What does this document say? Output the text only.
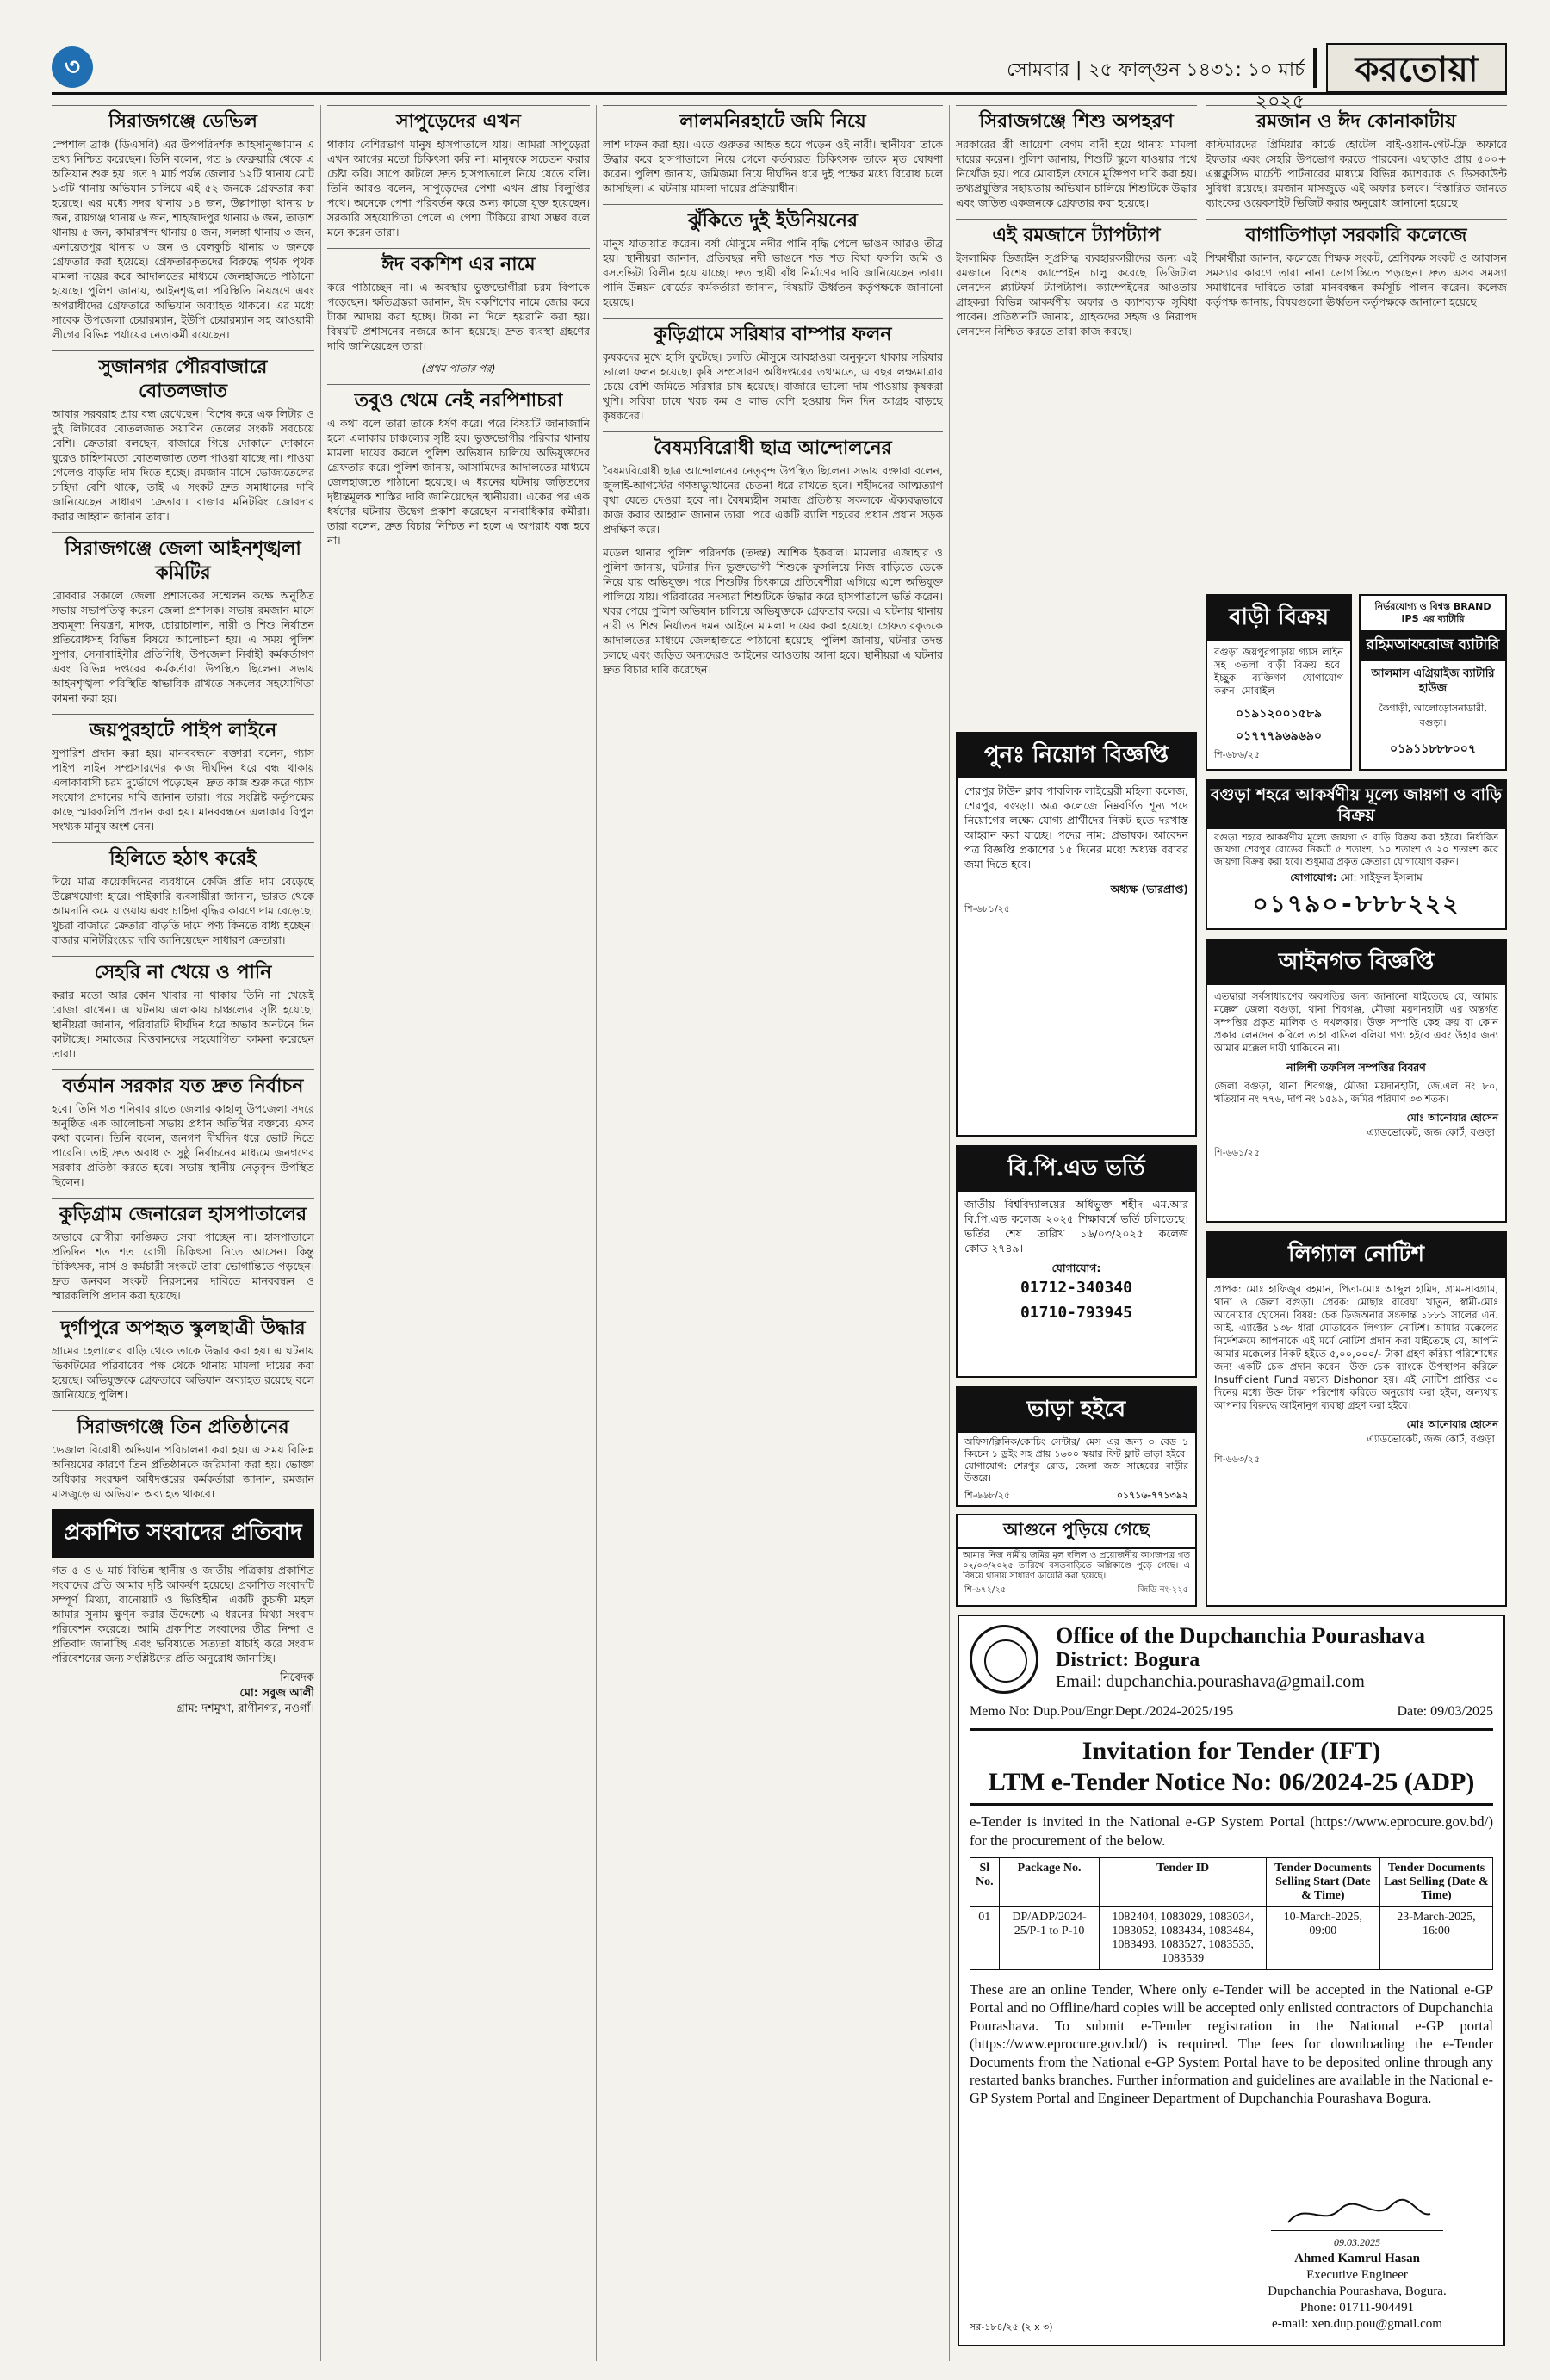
৩	সোমবার | ২৫ ফাল্গুন ১৪৩১: ১০ মার্চ ২০২৫
করতোয়া
সিরাজগঞ্জে ডেভিল
স্পেশাল ব্রাঞ্চ (ডিএসবি) এর উপপরিদর্শক আহসানুজ্জামান এ তথ্য নিশ্চিত করেছেন। তিনি বলেন, গত ৯ ফেব্রুয়ারি থেকে এ অভিযান শুরু হয়। গত ৭ মার্চ পর্যন্ত জেলার ১২টি থানায় মোট ১৩টি থানায় অভিযান চালিয়ে এই ৫২ জনকে গ্রেফতার করা হয়েছে। এর মধ্যে সদর থানায় ১৪ জন, উল্লাপাড়া থানায় ৮ জন, রায়গঞ্জ থানায় ৬ জন, শাহজাদপুর থানায় ৬ জন, তাড়াশ থানায় ৫ জন, কামারখন্দ থানায় ৪ জন, সলঙ্গা থানায় ৩ জন, এনায়েতপুর থানায় ৩ জন ও বেলকুচি থানায় ৩ জনকে গ্রেফতার করা হয়েছে। গ্রেফতারকৃতদের বিরুদ্ধে পৃথক পৃথক মামলা দায়ের করে আদালতের মাধ্যমে জেলহাজতে পাঠানো হয়েছে। পুলিশ জানায়, আইনশৃঙ্খলা পরিস্থিতি নিয়ন্ত্রণে এবং অপরাধীদের গ্রেফতারে অভিযান অব্যাহত থাকবে। এর মধ্যে সাবেক উপজেলা চেয়ারম্যান, ইউপি চেয়ারম্যান সহ আওয়ামী লীগের বিভিন্ন পর্যায়ের নেতাকর্মী রয়েছেন।
সুজানগর পৌরবাজারে বোতলজাত
আবার সরবরাহ প্রায় বন্ধ রেখেছেন। বিশেষ করে এক লিটার ও দুই লিটারের বোতলজাত সয়াবিন তেলের সংকট সবচেয়ে বেশি। ক্রেতারা বলছেন, বাজারে গিয়ে দোকানে দোকানে ঘুরেও চাহিদামতো বোতলজাত তেল পাওয়া যাচ্ছে না। পাওয়া গেলেও বাড়তি দাম দিতে হচ্ছে। রমজান মাসে ভোজ্যতেলের চাহিদা বেশি থাকে, তাই এ সংকট দ্রুত সমাধানের দাবি জানিয়েছেন সাধারণ ক্রেতারা। বাজার মনিটরিং জোরদার করার আহ্বান জানান তারা।
সিরাজগঞ্জে জেলা আইনশৃঙ্খলা কমিটির
রোববার সকালে জেলা প্রশাসকের সম্মেলন কক্ষে অনুষ্ঠিত সভায় সভাপতিত্ব করেন জেলা প্রশাসক। সভায় রমজান মাসে দ্রব্যমূল্য নিয়ন্ত্রণ, মাদক, চোরাচালান, নারী ও শিশু নির্যাতন প্রতিরোধসহ বিভিন্ন বিষয়ে আলোচনা হয়। এ সময় পুলিশ সুপার, সেনাবাহিনীর প্রতিনিধি, উপজেলা নির্বাহী কর্মকর্তাগণ এবং বিভিন্ন দপ্তরের কর্মকর্তারা উপস্থিত ছিলেন। সভায় আইনশৃঙ্খলা পরিস্থিতি স্বাভাবিক রাখতে সকলের সহযোগিতা কামনা করা হয়।
জয়পুরহাটে পাইপ লাইনে
সুপারিশ প্রদান করা হয়। মানববন্ধনে বক্তারা বলেন, গ্যাস পাইপ লাইন সম্প্রসারণের কাজ দীর্ঘদিন ধরে বন্ধ থাকায় এলাকাবাসী চরম দুর্ভোগে পড়েছেন। দ্রুত কাজ শুরু করে গ্যাস সংযোগ প্রদানের দাবি জানান তারা। পরে সংশ্লিষ্ট কর্তৃপক্ষের কাছে স্মারকলিপি প্রদান করা হয়। মানববন্ধনে এলাকার বিপুল সংখ্যক মানুষ অংশ নেন।
হিলিতে হঠাৎ করেই
দিয়ে মাত্র কয়েকদিনের ব্যবধানে কেজি প্রতি দাম বেড়েছে উল্লেখযোগ্য হারে। পাইকারি ব্যবসায়ীরা জানান, ভারত থেকে আমদানি কমে যাওয়ায় এবং চাহিদা বৃদ্ধির কারণে দাম বেড়েছে। খুচরা বাজারে ক্রেতারা বাড়তি দামে পণ্য কিনতে বাধ্য হচ্ছেন। বাজার মনিটরিংয়ের দাবি জানিয়েছেন সাধারণ ক্রেতারা।
সেহরি না খেয়ে ও পানি
করার মতো আর কোন খাবার না থাকায় তিনি না খেয়েই রোজা রাখেন। এ ঘটনায় এলাকায় চাঞ্চল্যের সৃষ্টি হয়েছে। স্থানীয়রা জানান, পরিবারটি দীর্ঘদিন ধরে অভাব অনটনে দিন কাটাচ্ছে। সমাজের বিত্তবানদের সহযোগিতা কামনা করেছেন তারা।
বর্তমান সরকার যত দ্রুত নির্বাচন
হবে। তিনি গত শনিবার রাতে জেলার কাহালু উপজেলা সদরে অনুষ্ঠিত এক আলোচনা সভায় প্রধান অতিথির বক্তব্যে এসব কথা বলেন। তিনি বলেন, জনগণ দীর্ঘদিন ধরে ভোট দিতে পারেনি। তাই দ্রুত অবাধ ও সুষ্ঠু নির্বাচনের মাধ্যমে জনগণের সরকার প্রতিষ্ঠা করতে হবে। সভায় স্থানীয় নেতৃবৃন্দ উপস্থিত ছিলেন।
কুড়িগ্রাম জেনারেল হাসপাতালের
অভাবে রোগীরা কাঙ্ক্ষিত সেবা পাচ্ছেন না। হাসপাতালে প্রতিদিন শত শত রোগী চিকিৎসা নিতে আসেন। কিন্তু চিকিৎসক, নার্স ও কর্মচারী সংকটে তারা ভোগান্তিতে পড়ছেন। দ্রুত জনবল সংকট নিরসনের দাবিতে মানববন্ধন ও স্মারকলিপি প্রদান করা হয়েছে।
দুর্গাপুরে অপহৃত স্কুলছাত্রী উদ্ধার
গ্রামের হেলালের বাড়ি থেকে তাকে উদ্ধার করা হয়। এ ঘটনায় ভিকটিমের পরিবারের পক্ষ থেকে থানায় মামলা দায়ের করা হয়েছে। অভিযুক্তকে গ্রেফতারে অভিযান অব্যাহত রয়েছে বলে জানিয়েছে পুলিশ।
সিরাজগঞ্জে তিন প্রতিষ্ঠানের
ভেজাল বিরোধী অভিযান পরিচালনা করা হয়। এ সময় বিভিন্ন অনিয়মের কারণে তিন প্রতিষ্ঠানকে জরিমানা করা হয়। ভোক্তা অধিকার সংরক্ষণ অধিদপ্তরের কর্মকর্তারা জানান, রমজান মাসজুড়ে এ অভিযান অব্যাহত থাকবে।
প্রকাশিত সংবাদের প্রতিবাদ
গত ৫ ও ৬ মার্চ বিভিন্ন স্থানীয় ও জাতীয় পত্রিকায় প্রকাশিত সংবাদের প্রতি আমার দৃষ্টি আকর্ষণ হয়েছে। প্রকাশিত সংবাদটি সম্পূর্ণ মিথ্যা, বানোয়াট ও ভিত্তিহীন। একটি কুচক্রী মহল আমার সুনাম ক্ষুণ্ন করার উদ্দেশ্যে এ ধরনের মিথ্যা সংবাদ পরিবেশন করেছে। আমি প্রকাশিত সংবাদের তীব্র নিন্দা ও প্রতিবাদ জানাচ্ছি এবং ভবিষ্যতে সত্যতা যাচাই করে সংবাদ পরিবেশনের জন্য সংশ্লিষ্টদের প্রতি অনুরোধ জানাচ্ছি।
নিবেদক
মো: সবুজ আলী
গ্রাম: দশমুখা, রাণীনগর, নওগাঁ।
সাপুড়েদের এখন
থাকায় বেশিরভাগ মানুষ হাসপাতালে যায়। আমরা সাপুড়েরা এখন আগের মতো চিকিৎসা করি না। মানুষকে সচেতন করার চেষ্টা করি। সাপে কাটলে দ্রুত হাসপাতালে নিয়ে যেতে বলি। তিনি আরও বলেন, সাপুড়েদের পেশা এখন প্রায় বিলুপ্তির পথে। অনেকে পেশা পরিবর্তন করে অন্য কাজে যুক্ত হয়েছেন। সরকারি সহযোগিতা পেলে এ পেশা টিকিয়ে রাখা সম্ভব বলে মনে করেন তারা।
ঈদ বকশিশ এর নামে
করে পাঠাচ্ছেন না। এ অবস্থায় ভুক্তভোগীরা চরম বিপাকে পড়েছেন। ক্ষতিগ্রস্তরা জানান, ঈদ বকশিশের নামে জোর করে টাকা আদায় করা হচ্ছে। টাকা না দিলে হয়রানি করা হয়। বিষয়টি প্রশাসনের নজরে আনা হয়েছে। দ্রুত ব্যবস্থা গ্রহণের দাবি জানিয়েছেন তারা।
(প্রথম পাতার পর)
তবুও থেমে নেই নরপিশাচরা
এ কথা বলে তারা তাকে ধর্ষণ করে। পরে বিষয়টি জানাজানি হলে এলাকায় চাঞ্চল্যের সৃষ্টি হয়। ভুক্তভোগীর পরিবার থানায় মামলা দায়ের করলে পুলিশ অভিযান চালিয়ে অভিযুক্তদের গ্রেফতার করে। পুলিশ জানায়, আসামিদের আদালতের মাধ্যমে জেলহাজতে পাঠানো হয়েছে। এ ধরনের ঘটনায় জড়িতদের দৃষ্টান্তমূলক শাস্তির দাবি জানিয়েছেন স্থানীয়রা। একের পর এক ধর্ষণের ঘটনায় উদ্বেগ প্রকাশ করেছেন মানবাধিকার কর্মীরা। তারা বলেন, দ্রুত বিচার নিশ্চিত না হলে এ অপরাধ বন্ধ হবে না।
লালমনিরহাটে জমি নিয়ে
লাশ দাফন করা হয়। এতে গুরুতর আহত হয়ে পড়েন ওই নারী। স্থানীয়রা তাকে উদ্ধার করে হাসপাতালে নিয়ে গেলে কর্তব্যরত চিকিৎসক তাকে মৃত ঘোষণা করেন। পুলিশ জানায়, জমিজমা নিয়ে দীর্ঘদিন ধরে দুই পক্ষের মধ্যে বিরোধ চলে আসছিল। এ ঘটনায় মামলা দায়ের প্রক্রিয়াধীন।
ঝুঁকিতে দুই ইউনিয়নের
মানুষ যাতায়াত করেন। বর্ষা মৌসুমে নদীর পানি বৃদ্ধি পেলে ভাঙন আরও তীব্র হয়। স্থানীয়রা জানান, প্রতিবছর নদী ভাঙনে শত শত বিঘা ফসলি জমি ও বসতভিটা বিলীন হয়ে যাচ্ছে। দ্রুত স্থায়ী বাঁধ নির্মাণের দাবি জানিয়েছেন তারা। পানি উন্নয়ন বোর্ডের কর্মকর্তারা জানান, বিষয়টি ঊর্ধ্বতন কর্তৃপক্ষকে জানানো হয়েছে।
কুড়িগ্রামে সরিষার বাম্পার ফলন
কৃষকদের মুখে হাসি ফুটেছে। চলতি মৌসুমে আবহাওয়া অনুকূলে থাকায় সরিষার ভালো ফলন হয়েছে। কৃষি সম্প্রসারণ অধিদপ্তরের তথ্যমতে, এ বছর লক্ষ্যমাত্রার চেয়ে বেশি জমিতে সরিষার চাষ হয়েছে। বাজারে ভালো দাম পাওয়ায় কৃষকরা খুশি। সরিষা চাষে খরচ কম ও লাভ বেশি হওয়ায় দিন দিন আগ্রহ বাড়ছে কৃষকদের।
বৈষম্যবিরোধী ছাত্র আন্দোলনের
বৈষম্যবিরোধী ছাত্র আন্দোলনের নেতৃবৃন্দ উপস্থিত ছিলেন। সভায় বক্তারা বলেন, জুলাই-আগস্টের গণঅভ্যুত্থানের চেতনা ধরে রাখতে হবে। শহীদদের আত্মত্যাগ বৃথা যেতে দেওয়া হবে না। বৈষম্যহীন সমাজ প্রতিষ্ঠায় সকলকে ঐক্যবদ্ধভাবে কাজ করার আহ্বান জানান তারা। পরে একটি র‍্যালি শহরের প্রধান প্রধান সড়ক প্রদক্ষিণ করে।
মডেল থানার পুলিশ পরিদর্শক (তদন্ত) আশিক ইকবাল। মামলার এজাহার ও পুলিশ জানায়, ঘটনার দিন ভুক্তভোগী শিশুকে ফুসলিয়ে নিজ বাড়িতে ডেকে নিয়ে যায় অভিযুক্ত। পরে শিশুটির চিৎকারে প্রতিবেশীরা এগিয়ে এলে অভিযুক্ত পালিয়ে যায়। পরিবারের সদস্যরা শিশুটিকে উদ্ধার করে হাসপাতালে ভর্তি করেন। খবর পেয়ে পুলিশ অভিযান চালিয়ে অভিযুক্তকে গ্রেফতার করে। এ ঘটনায় থানায় নারী ও শিশু নির্যাতন দমন আইনে মামলা দায়ের করা হয়েছে। গ্রেফতারকৃতকে আদালতের মাধ্যমে জেলহাজতে পাঠানো হয়েছে। পুলিশ জানায়, ঘটনার তদন্ত চলছে এবং জড়িত অন্যদেরও আইনের আওতায় আনা হবে। স্থানীয়রা এ ঘটনার দ্রুত বিচার দাবি করেছেন।
সিরাজগঞ্জে শিশু অপহরণ
সরকারের স্ত্রী আয়েশা বেগম বাদী হয়ে থানায় মামলা দায়ের করেন। পুলিশ জানায়, শিশুটি স্কুলে যাওয়ার পথে নিখোঁজ হয়। পরে মোবাইল ফোনে মুক্তিপণ দাবি করা হয়। তথ্যপ্রযুক্তির সহায়তায় অভিযান চালিয়ে শিশুটিকে উদ্ধার এবং জড়িত একজনকে গ্রেফতার করা হয়েছে।
এই রমজানে ট্যাপট্যাপ
ইসলামিক ডিজাইন সুপ্রসিদ্ধ ব্যবহারকারীদের জন্য এই রমজানে বিশেষ ক্যাম্পেইন চালু করেছে ডিজিটাল লেনদেন প্ল্যাটফর্ম ট্যাপট্যাপ। ক্যাম্পেইনের আওতায় গ্রাহকরা বিভিন্ন আকর্ষণীয় অফার ও ক্যাশব্যাক সুবিধা পাবেন। প্রতিষ্ঠানটি জানায়, গ্রাহকদের সহজ ও নিরাপদ লেনদেন নিশ্চিত করতে তারা কাজ করছে।
রমজান ও ঈদ কোনাকাটায়
কাস্টমারদের প্রিমিয়ার কার্ডে হোটেল বাই-ওয়ান-গেট-ফ্রি অফারে ইফতার এবং সেহরি উপভোগ করতে পারবেন। এছাড়াও প্রায় ৫০০+ এক্সক্লুসিভ মার্চেন্ট পার্টনারের মাধ্যমে বিভিন্ন ক্যাশব্যাক ও ডিসকাউন্ট সুবিধা রয়েছে। রমজান মাসজুড়ে এই অফার চলবে। বিস্তারিত জানতে ব্যাংকের ওয়েবসাইট ভিজিট করার অনুরোধ জানানো হয়েছে।
বাগাতিপাড়া সরকারি কলেজে
শিক্ষার্থীরা জানান, কলেজে শিক্ষক সংকট, শ্রেণিকক্ষ সংকট ও আবাসন সমস্যার কারণে তারা নানা ভোগান্তিতে পড়ছেন। দ্রুত এসব সমস্যা সমাধানের দাবিতে তারা মানববন্ধন কর্মসূচি পালন করেন। কলেজ কর্তৃপক্ষ জানায়, বিষয়গুলো ঊর্ধ্বতন কর্তৃপক্ষকে জানানো হয়েছে।
পুনঃ নিয়োগ বিজ্ঞপ্তি
শেরপুর টাউন ক্লাব পাবলিক লাইব্রেরী মহিলা কলেজ, শেরপুর, বগুড়া। অত্র কলেজে নিম্নবর্ণিত শূন্য পদে নিয়োগের লক্ষ্যে যোগ্য প্রার্থীদের নিকট হতে দরখাস্ত আহ্বান করা যাচ্ছে। পদের নাম: প্রভাষক। আবেদন পত্র বিজ্ঞপ্তি প্রকাশের ১৫ দিনের মধ্যে অধ্যক্ষ বরাবর জমা দিতে হবে।
অধ্যক্ষ (ভারপ্রাপ্ত)
শি-৬৮১/২৫
বি.পি.এড ভর্তি
জাতীয় বিশ্ববিদ্যালয়ের অধিভুক্ত শহীদ এম.আর বি.পি.এড কলেজ ২০২৫ শিক্ষাবর্ষে ভর্তি চলিতেছে। ভর্তির শেষ তারিখ ১৬/০৩/২০২৫ কলেজ কোড-২৭৪৯।
যোগাযোগ:
01712-340340
01710-793945
ভাড়া হইবে
অফিস/ক্লিনিক/কোচিং সেন্টার/ মেস এর জন্য ৩ বেড ১ কিচেন ১ ড্রইং সহ প্রায় ১৬০০ স্কয়ার ফিট ফ্লাট ভাড়া হইবে। যোগাযোগ: শেরপুর রোড, জেলা জজ সাহেবের বাড়ীর উত্তরে।
শি-৬৬৮/২৫	০১৭১৬-৭৭১৩৯২
আগুনে পুড়িয়ে গেছে
আমার নিজ নামীয় জমির মূল দলিল ও প্রয়োজনীয় কাগজপত্র গত ০২/০৩/২০২৫ তারিখে বসতবাড়িতে অগ্নিকাণ্ডে পুড়ে গেছে। এ বিষয়ে থানায় সাধারণ ডায়েরি করা হয়েছে।
শি-৬৭২/২৫	জিডি নং-২২৫
বাড়ী বিক্রয়
বগুড়া জয়পুরপাড়ায় গ্যাস লাইন সহ ৩তলা বাড়ী বিক্রয় হবে। ইচ্ছুক ব্যক্তিগণ যোগাযোগ করুন। মোবাইল
০১৯১২০০১৫৮৯
০১৭৭৭৯৬৯৬৯০
শি-৬৮৬/২৫
নির্ভরযোগ্য ও বিশ্বস্ত BRAND IPS এর ব্যাটারি
রহিমআফরোজ ব্যাটারি
আলমাস এগ্রিয়াইজ ব্যাটারি হাউজ
কৈগাড়ী, আলোড়োসনাডারী, বগুড়া।
০১৯১১৮৮৮০০৭
বগুড়া শহরে আকর্ষণীয় মূল্যে জায়গা ও বাড়ি বিক্রয়
বগুড়া শহরে আকর্ষণীয় মূল্যে জায়গা ও বাড়ি বিক্রয় করা হইবে। নির্ধারিত জায়গা শেরপুর রোডের নিকটে ৫ শতাংশ, ১০ শতাংশ ও ২০ শতাংশ করে জায়গা বিক্রয় করা হবে। শুধুমাত্র প্রকৃত ক্রেতারা যোগাযোগ করুন।
যোগাযোগ: মো: সাইফুল ইসলাম
০১৭৯০-৮৮৮২২২
আইনগত বিজ্ঞপ্তি
এতদ্বারা সর্বসাধারণের অবগতির জন্য জানানো যাইতেছে যে, আমার মক্কেল জেলা বগুড়া, থানা শিবগঞ্জ, মৌজা ময়দানহাটা এর অন্তর্গত সম্পত্তির প্রকৃত মালিক ও দখলকার। উক্ত সম্পত্তি কেহ ক্রয় বা কোন প্রকার লেনদেন করিলে তাহা বাতিল বলিয়া গণ্য হইবে এবং উহার জন্য আমার মক্কেল দায়ী থাকিবেন না।
নালিশী তফসিল সম্পত্তির বিবরণ
জেলা বগুড়া, থানা শিবগঞ্জ, মৌজা ময়দানহাটা, জে.এল নং ৮০, খতিয়ান নং ৭৭৬, দাগ নং ১৫৯৯, জমির পরিমাণ ৩৩ শতক।
মোঃ আনোয়ার হোসেন
এ্যাডভোকেট, জজ কোর্ট, বগুড়া।
শি-৬৬১/২৫
লিগ্যাল নোটিশ
প্রাপক: মোঃ হাফিজুর রহমান, পিতা-মোঃ আব্দুল হামিদ, গ্রাম-সাবগ্রাম, থানা ও জেলা বগুড়া। প্রেরক: মোছাঃ রাবেয়া খাতুন, স্বামী-মোঃ আনোয়ার হোসেন। বিষয়: চেক ডিজঅনার সংক্রান্ত ১৮৮১ সালের এন. আই. এ্যাক্টের ১৩৮ ধারা মোতাবেক লিগ্যাল নোটিশ। আমার মক্কেলের নির্দেশক্রমে আপনাকে এই মর্মে নোটিশ প্রদান করা যাইতেছে যে, আপনি আমার মক্কেলের নিকট হইতে ৫,০০,০০০/- টাকা গ্রহণ করিয়া পরিশোধের জন্য একটি চেক প্রদান করেন। উক্ত চেক ব্যাংকে উপস্থাপন করিলে Insufficient Fund মন্তব্যে Dishonor হয়। এই নোটিশ প্রাপ্তির ৩০ দিনের মধ্যে উক্ত টাকা পরিশোধ করিতে অনুরোধ করা হইল, অন্যথায় আপনার বিরুদ্ধে আইনানুগ ব্যবস্থা গ্রহণ করা হইবে।
মোঃ আনোয়ার হোসেন
এ্যাডভোকেট, জজ কোর্ট, বগুড়া।
শি-৬৬৩/২৫
Office of the Dupchanchia Pourashava
District: Bogura
Email: dupchanchia.pourashava@gmail.com
Memo No: Dup.Pou/Engr.Dept./2024-2025/195	Date: 09/03/2025
Invitation for Tender (IFT)
LTM e-Tender Notice No: 06/2024-25 (ADP)
e-Tender is invited in the National e-GP System Portal (https://www.eprocure.gov.bd/) for the procurement of the below.
Sl No.	Package No.	Tender ID	Tender Documents Selling Start (Date & Time)	Tender Documents Last Selling (Date & Time)
01	DP/ADP/2024-25/P-1 to P-10	1082404, 1083029, 1083034, 1083052, 1083434, 1083484, 1083493, 1083527, 1083535, 1083539	10-March-2025, 09:00	23-March-2025, 16:00
These are an online Tender, Where only e-Tender will be accepted in the National e-GP Portal and no Offline/hard copies will be accepted only enlisted contractors of Dupchanchia Pourashava. To submit e-Tender registration in the National e-GP portal (https://www.eprocure.gov.bd/) is required. The fees for downloading the e-Tender Documents from the National e-GP System Portal have to be deposited online through any restarted banks branches. Further information and guidelines are available in the National e-GP System Portal and Engineer Department of Dupchanchia Pourashava Bogura.
09.03.2025
Ahmed Kamrul Hasan
Executive Engineer
Dupchanchia Pourashava, Bogura.
Phone: 01711-904491
e-mail: xen.dup.pou@gmail.com
সর-১৮৪/২৫ (২ x ৩)
